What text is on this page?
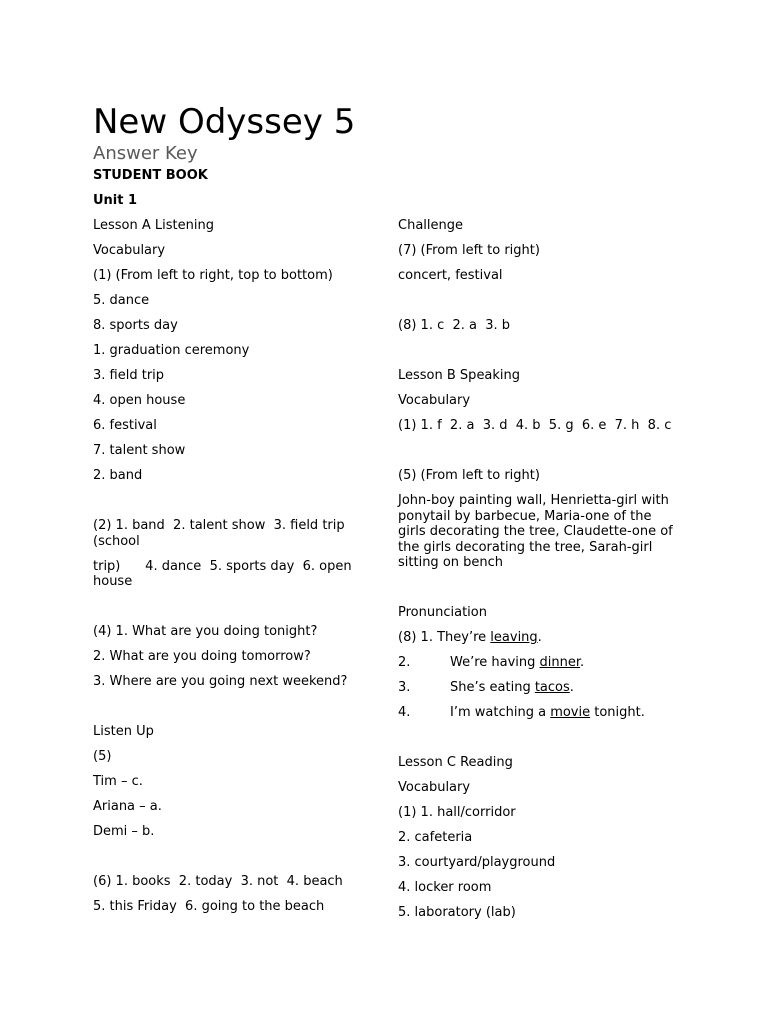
New Odyssey 5
Answer Key
STUDENT BOOK
Unit 1
Lesson A Listening
Vocabulary
(1) (From left to right, top to bottom)
5. dance
8. sports day
1. graduation ceremony
3. field trip
4. open house
6. festival
7. talent show
2. band
(2) 1. band  2. talent show  3. field trip (school
trip)      4. dance  5. sports day  6. open house
(4) 1. What are you doing tonight?
2. What are you doing tomorrow?
3. Where are you going next weekend?
Listen Up
(5)
Tim – c.
Ariana – a.
Demi – b.
(6) 1. books  2. today  3. not  4. beach
5. this Friday  6. going to the beach
Challenge
(7) (From left to right)
concert, festival
(8) 1. c  2. a  3. b
Lesson B Speaking
Vocabulary
(1) 1. f  2. a  3. d  4. b  5. g  6. e  7. h  8. c
(5) (From left to right)
John-boy painting wall, Henrietta-girl with ponytail by barbecue, Maria-one of the girls decorating the tree, Claudette-one of the girls decorating the tree, Sarah-girl sitting on bench
Pronunciation
(8) 1. They’re leaving.
2.	We’re having dinner.
3.	She’s eating tacos.
4.	I’m watching a movie tonight.
Lesson C Reading
Vocabulary
(1) 1. hall/corridor
2. cafeteria
3. courtyard/playground
4. locker room
5. laboratory (lab)
